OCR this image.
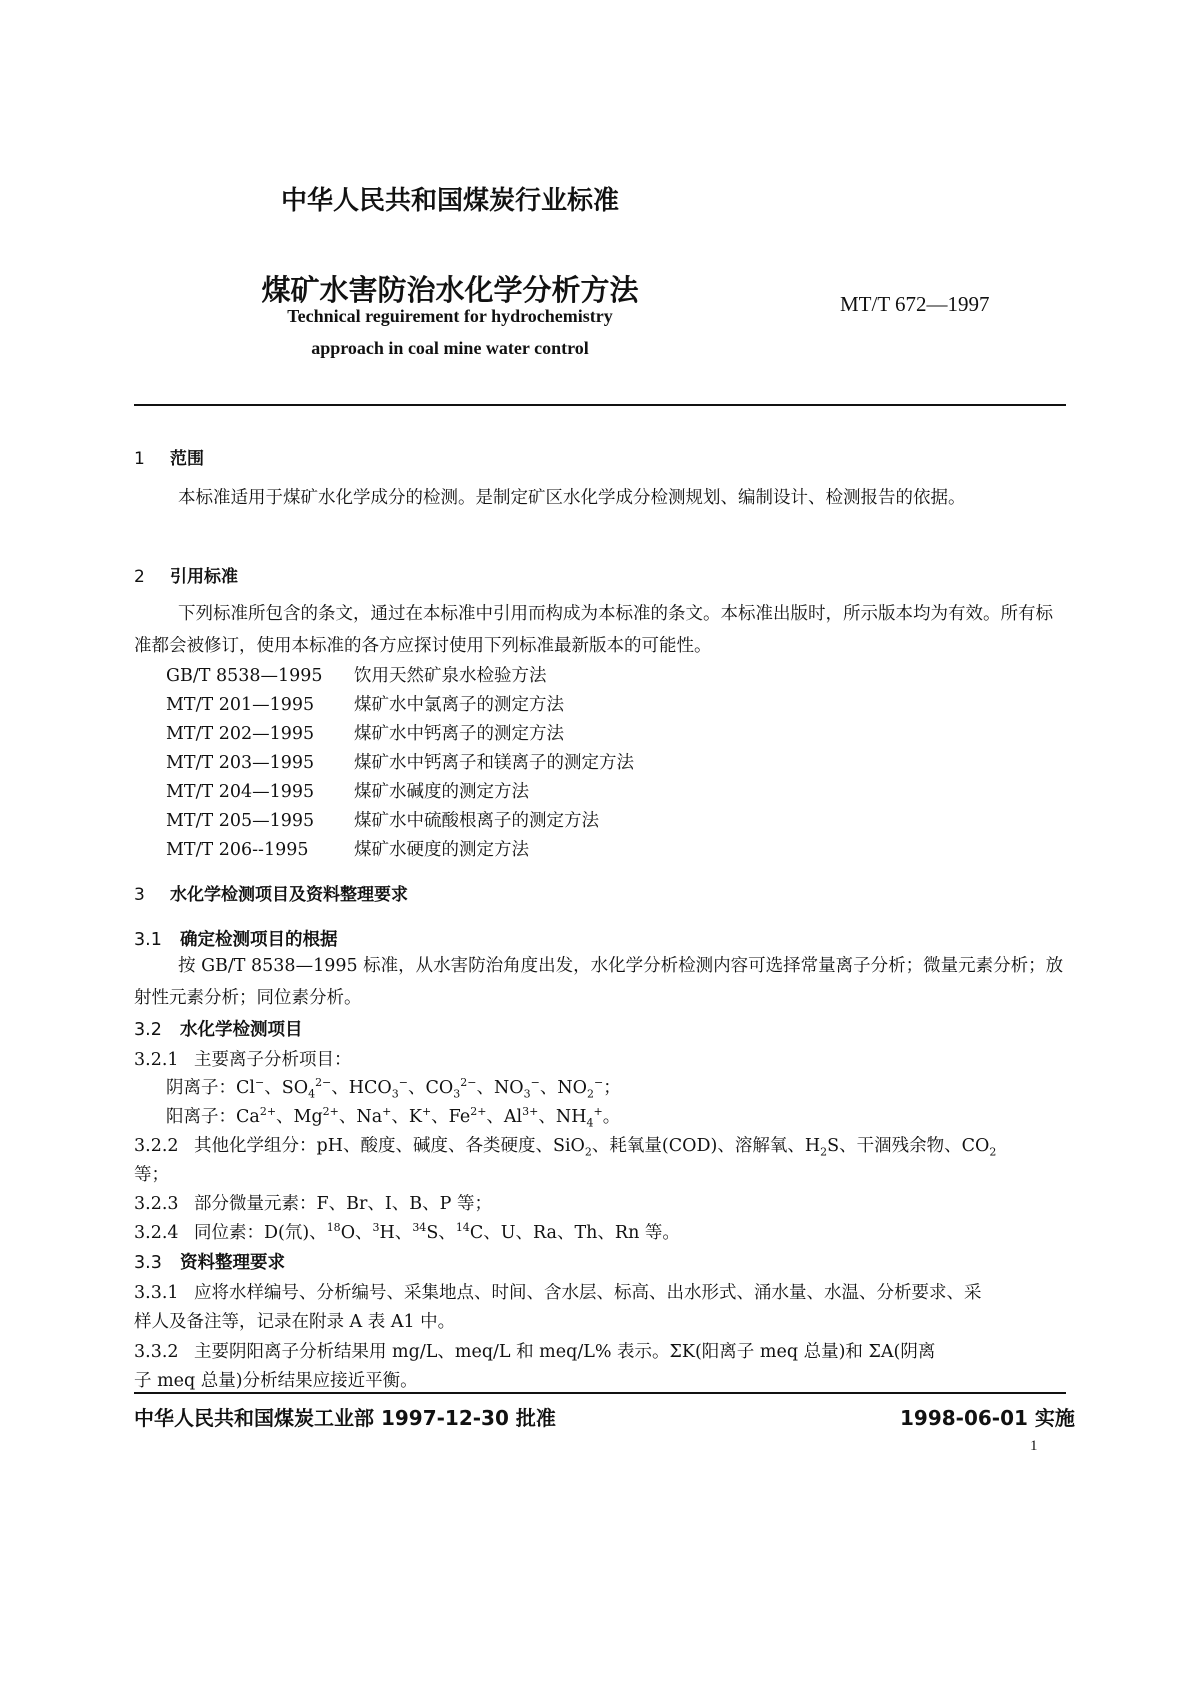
中华人民共和国煤炭行业标准
煤矿水害防治水化学分析方法	MT/T 672—1997
Technical reguirement for hydrochemistry
approach in coal mine water control
1 范围
本标准适用于煤矿水化学成分的检测。是制定矿区水化学成分检测规划、编制设计、检测报告的依据。
2 引用标准
下列标准所包含的条文，通过在本标准中引用而构成为本标准的条文。本标准出版时，所示版本均为有效。所有标准都会被修订，使用本标准的各方应探讨使用下列标准最新版本的可能性。
GB/T 8538—1995 饮用天然矿泉水检验方法
MT/T 201—1995 煤矿水中氯离子的测定方法
MT/T 202—1995 煤矿水中钙离子的测定方法
MT/T 203—1995 煤矿水中钙离子和镁离子的测定方法
MT/T 204—1995 煤矿水碱度的测定方法
MT/T 205—1995 煤矿水中硫酸根离子的测定方法
MT/T 206--1995	煤矿水硬度的测定方法
3 水化学检测项目及资料整理要求
3.1 确定检测项目的根据
按 GB/T 8538—1995 标准，从水害防治角度出发，水化学分析检测内容可选择常量离子分析；微量元素分析；放射性元素分析；同位素分析。
3.2 水化学检测项目
3.2.1 主要离子分析项目：
阴离子：Cl−、$SO_4^{2-}$、$HCO_3^-$、$CO_3^{2-}$、$NO_3^-$、$NO_2^-$；
阳离子：$Ca^{2+}$、$Mg^{2+}$、Na+、K+、$Fe^{2+}$、$Al^{3+}$、$NH_4^+$。
3.2.2 其他化学组分：pH、酸度、碱度、各类硬度、SiO$_2$、耗氧量(COD)、溶解氧、$H_2S$、干涸残余物、$CO_2$
等；
3.2.3 部分微量元素：F、Br、I、B、P 等；
3.2.4 同位素：D(氘)、$^{18}$O、$^3$H、$^{34}$S、$^{14}$C、U、Ra、Th、Rn 等。
3.3 资料整理要求
3.3.1 应将水样编号、分析编号、采集地点、时间、含水层、标高、出水形式、涌水量、水温、分析要求、采
样人及备注等，记录在附录 A 表 A1 中。
3.3.2 主要阴阳离子分析结果用 mg/L、meq/L 和 meq/L% 表示。ΣK(阳离子 meq 总量)和 ΣA(阴离
子 meq 总量)分析结果应接近平衡。
中华人民共和国煤炭工业部 1997-12-30 批准	1998-06-01 实施
1
